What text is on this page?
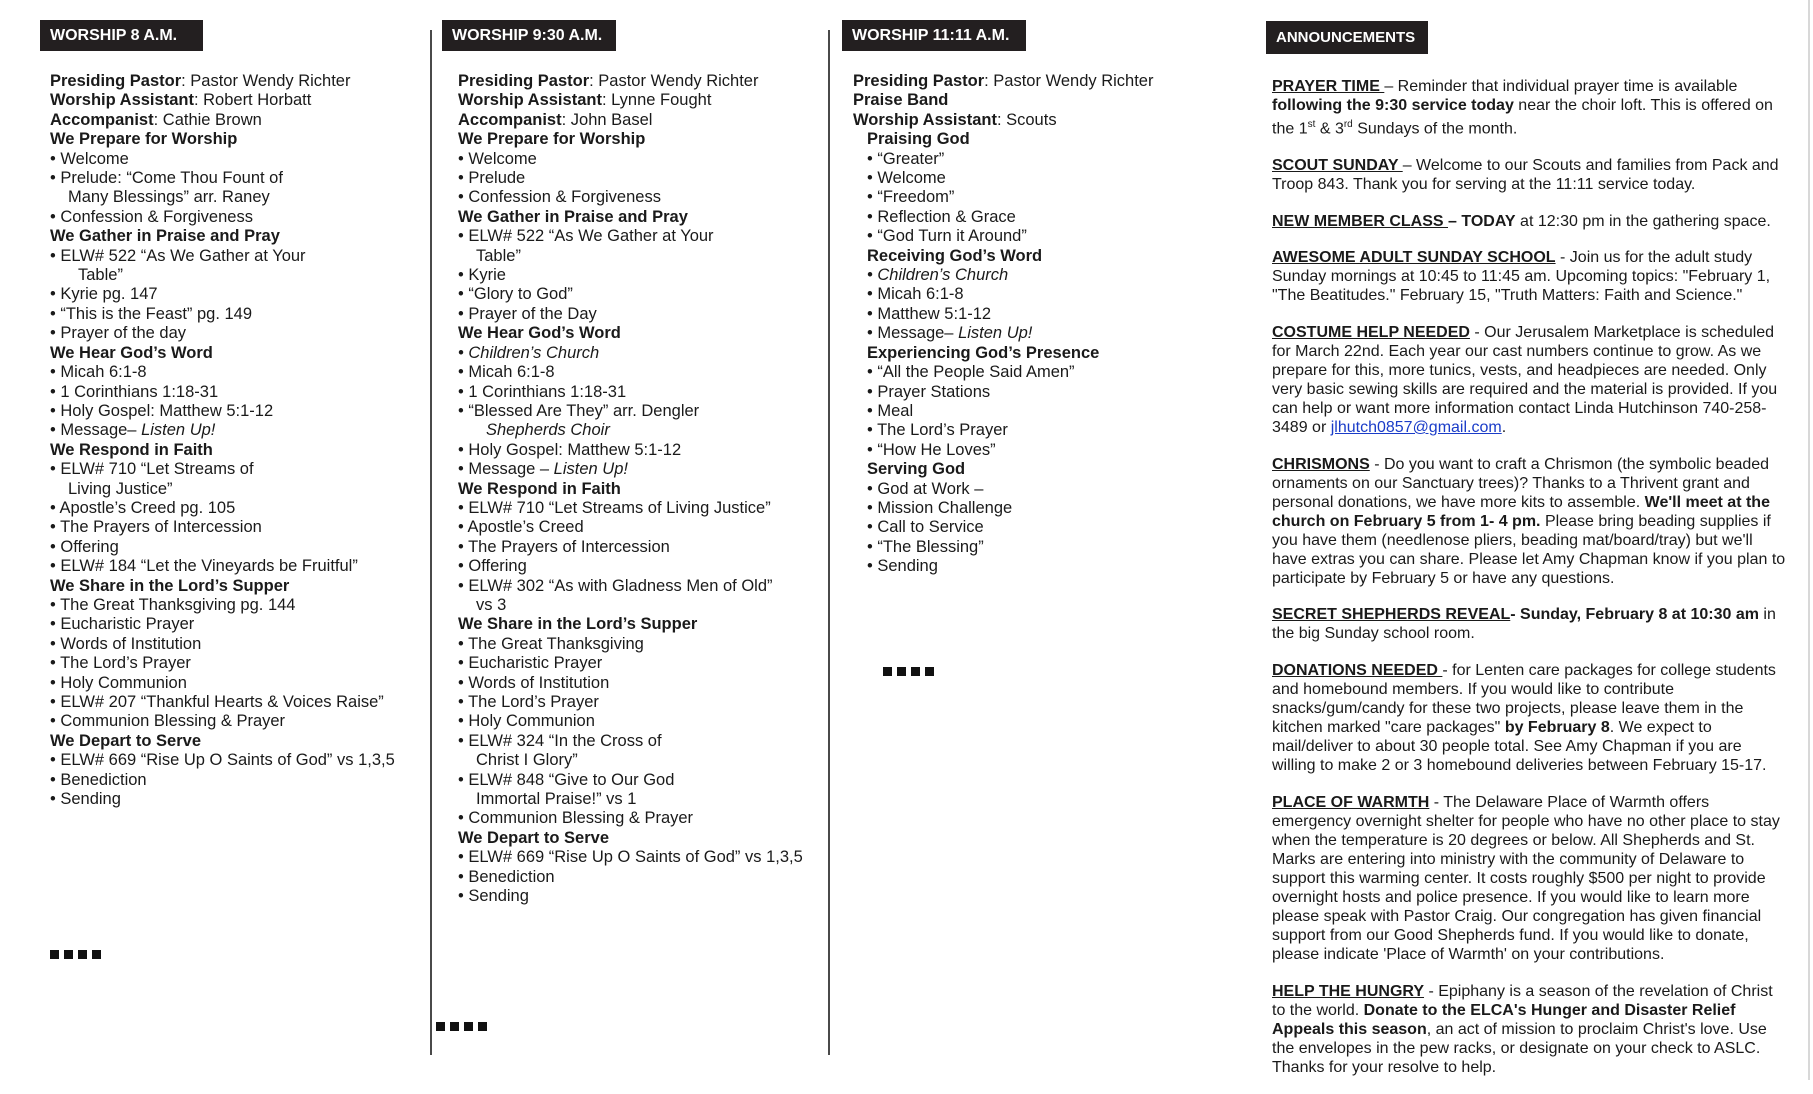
WORSHIP 8 A.M.

Presiding Pastor: Pastor Wendy Richter

Worship Assistant: Robert Horbatt

Accompanist: Cathie Brown

We Prepare for Worship

• Welcome

• Prelude: “Come Thou Fount of

Many Blessings” arr. Raney

• Confession & Forgiveness

We Gather in Praise and Pray

• ELW# 522 “As We Gather at Your

Table”

• Kyrie pg. 147

• “This is the Feast” pg. 149

• Prayer of the day

We Hear God’s Word

• Micah 6:1-8

• 1 Corinthians 1:18-31

• Holy Gospel: Matthew 5:1-12

• Message– Listen Up!

We Respond in Faith

• ELW# 710 “Let Streams of

Living Justice”

• Apostle’s Creed pg. 105

• The Prayers of Intercession

• Offering

• ELW# 184 “Let the Vineyards be Fruitful”

We Share in the Lord’s Supper

• The Great Thanksgiving pg. 144

• Eucharistic Prayer

• Words of Institution

• The Lord’s Prayer

• Holy Communion

• ELW# 207 “Thankful Hearts & Voices Raise”

• Communion Blessing & Prayer

We Depart to Serve

• ELW# 669 “Rise Up O Saints of God” vs 1,3,5

• Benediction

• Sending

WORSHIP 9:30 A.M.

Presiding Pastor: Pastor Wendy Richter

Worship Assistant: Lynne Fought

Accompanist: John Basel

We Prepare for Worship

• Welcome

• Prelude

• Confession & Forgiveness

We Gather in Praise and Pray

• ELW# 522 “As We Gather at Your

Table”

• Kyrie

• “Glory to God”

• Prayer of the Day

We Hear God’s Word

• Children’s Church

• Micah 6:1-8

• 1 Corinthians 1:18-31

• “Blessed Are They” arr. Dengler

Shepherds Choir

• Holy Gospel: Matthew 5:1-12

• Message – Listen Up!

We Respond in Faith

• ELW# 710 “Let Streams of Living Justice”

• Apostle’s Creed

• The Prayers of Intercession

• Offering

• ELW# 302 “As with Gladness Men of Old”

vs 3

We Share in the Lord’s Supper

• The Great Thanksgiving

• Eucharistic Prayer

• Words of Institution

• The Lord’s Prayer

• Holy Communion

• ELW# 324 “In the Cross of

Christ I Glory”

• ELW# 848 “Give to Our God

Immortal Praise!” vs 1

• Communion Blessing & Prayer

We Depart to Serve

• ELW# 669 “Rise Up O Saints of God” vs 1,3,5

• Benediction

• Sending

WORSHIP 11:11 A.M.

Presiding Pastor: Pastor Wendy Richter

Praise Band

Worship Assistant: Scouts

Praising God

• “Greater”

• Welcome

• “Freedom”

• Reflection & Grace

• “God Turn it Around”

Receiving God’s Word

• Children’s Church

• Micah 6:1-8

• Matthew 5:1-12

• Message– Listen Up!

Experiencing God’s Presence

• “All the People Said Amen”

• Prayer Stations

• Meal

• The Lord’s Prayer

• “How He Loves”

Serving God

• God at Work –

• Mission Challenge

• Call to Service

• “The Blessing”

• Sending

ANNOUNCEMENTS

PRAYER TIME – Reminder that individual prayer time is available following the 9:30 service today near the choir loft. This is offered on the 1st & 3rd Sundays of the month.

SCOUT SUNDAY – Welcome to our Scouts and families from Pack and Troop 843. Thank you for serving at the 11:11 service today.

NEW MEMBER CLASS – TODAY at 12:30 pm in the gathering space.

AWESOME ADULT SUNDAY SCHOOL - Join us for the adult study Sunday mornings at 10:45 to 11:45 am. Upcoming topics: "February 1, "The Beatitudes." February 15, "Truth Matters: Faith and Science."

COSTUME HELP NEEDED - Our Jerusalem Marketplace is scheduled for March 22nd. Each year our cast numbers continue to grow. As we prepare for this, more tunics, vests, and headpieces are needed. Only very basic sewing skills are required and the material is provided. If you can help or want more information contact Linda Hutchinson 740-258-3489 or jlhutch0857@gmail.com.

CHRISMONS - Do you want to craft a Chrismon (the symbolic beaded ornaments on our Sanctuary trees)? Thanks to a Thrivent grant and personal donations, we have more kits to assemble. We'll meet at the church on February 5 from 1- 4 pm. Please bring beading supplies if you have them (needlenose pliers, beading mat/board/tray) but we'll have extras you can share. Please let Amy Chapman know if you plan to participate by February 5 or have any questions.

SECRET SHEPHERDS REVEAL- Sunday, February 8 at 10:30 am in the big Sunday school room.

DONATIONS NEEDED - for Lenten care packages for college students and homebound members. If you would like to contribute snacks/gum/candy for these two projects, please leave them in the kitchen marked "care packages" by February 8. We expect to mail/deliver to about 30 people total. See Amy Chapman if you are willing to make 2 or 3 homebound deliveries between February 15-17.

PLACE OF WARMTH - The Delaware Place of Warmth offers emergency overnight shelter for people who have no other place to stay when the temperature is 20 degrees or below. All Shepherds and St. Marks are entering into ministry with the community of Delaware to support this warming center. It costs roughly $500 per night to provide overnight hosts and police presence. If you would like to learn more please speak with Pastor Craig. Our congregation has given financial support from our Good Shepherds fund. If you would like to donate, please indicate 'Place of Warmth' on your contributions.

HELP THE HUNGRY - Epiphany is a season of the revelation of Christ to the world. Donate to the ELCA's Hunger and Disaster Relief Appeals this season, an act of mission to proclaim Christ's love. Use the envelopes in the pew racks, or designate on your check to ASLC. Thanks for your resolve to help.
